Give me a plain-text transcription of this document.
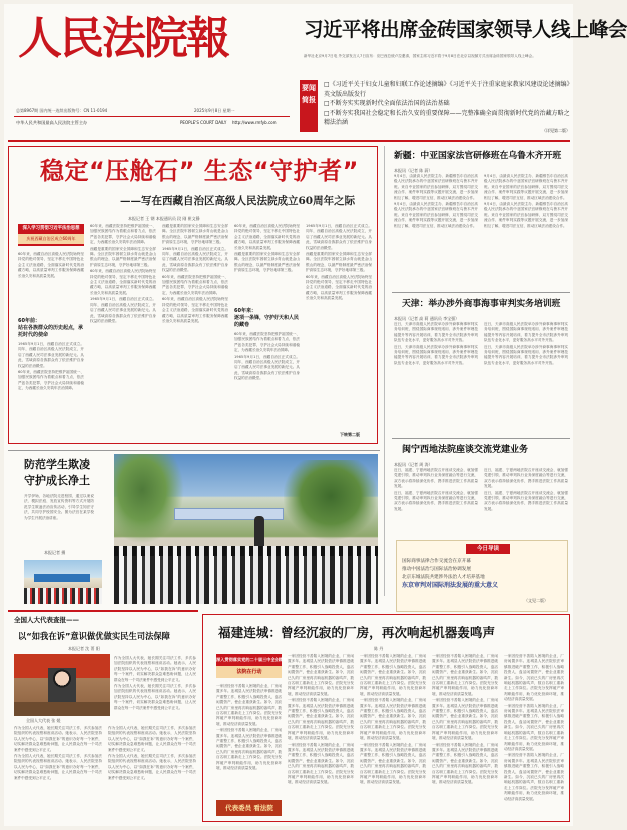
人民法院報
总第8967期 国内统一连续出版物号：CN 11-0194	2025年9月8日 星期一
中华人民共和国最高人民法院主管主办	PEOPLE'S COURT DAILY http://www.rmfyb.com
习近平将出席金砖国家领导人线上峰会
新华社北京9月7日电 外交部发言人7日宣布：应巴西总统卢拉邀请，国家主席习近平将于9月8日在北京以视频方式出席金砖国家领导人线上峰会。
要闻
简报
□《习近平关于妇女儿童和妇联工作论述摘编》《习近平关于注重家庭家教家风建设论述摘编》英文版出版发行
□不断夯实实现新时代全面依法治国的法治基础
□不断夯实我国社会稳定和长治久安的重要保障——完整准确全面贯彻新时代党的治藏方略之精法治涵
（详见第二版）
稳定“压舱石” 生态“守护者”
——写在西藏自治区高级人民法院成立60周年之际
本报记者 王 钢 本报通讯员 段 刚 崔文静
深入学习贯彻习近平法治思想
庆祝西藏自治区成立60周年

60年来，西藏自治区高级人民法院始终坚持党的绝对领导，坚定不移走中国特色社会主义法治道路，全面落实新时代党的治藏方略，以高质量审判工作服务保障西藏长治久安和高质量发展。

60年前：
站在各族群众的历史起点，承托时代的使命

1965年9月1日，西藏自治区正式成立。同年，西藏自治区高级人民法院成立，开启了西藏人民司法事业发展的新纪元。从此，雪域高原各族群众有了依法维护自身权益的法治殿堂。

60年来，西藏法院坚持把维护祖国统一、加强民族团结作为着眼点和着力点，依法严惩各类犯罪，守护社会大局持续和谐稳定，为西藏长治久安筑牢法治屏障。

60年来，西藏法院坚持把维护祖国统一、加强民族团结作为着眼点和着力点，依法严惩各类犯罪，守护社会大局持续和谐稳定，为西藏长治久安筑牢法治屏障。

西藏是重要的国家安全屏障和生态安全屏障。全区法院牢固树立绿水青山就是金山银山的理念，以最严格制度最严密法治保护高原生态环境，守护好地球第三极。

60年来，西藏自治区高级人民法院始终坚持党的绝对领导，坚定不移走中国特色社会主义法治道路，全面落实新时代党的治藏方略，以高质量审判工作服务保障西藏长治久安和高质量发展。

1965年9月1日，西藏自治区正式成立。同年，西藏自治区高级人民法院成立，开启了西藏人民司法事业发展的新纪元。从此，雪域高原各族群众有了依法维护自身权益的法治殿堂。

西藏是重要的国家安全屏障和生态安全屏障。全区法院牢固树立绿水青山就是金山银山的理念，以最严格制度最严密法治保护高原生态环境，守护好地球第三极。

1965年9月1日，西藏自治区正式成立。同年，西藏自治区高级人民法院成立，开启了西藏人民司法事业发展的新纪元。从此，雪域高原各族群众有了依法维护自身权益的法治殿堂。

60年来，西藏法院坚持把维护祖国统一、加强民族团结作为着眼点和着力点，依法严惩各类犯罪，守护社会大局持续和谐稳定，为西藏长治久安筑牢法治屏障。

60年来，西藏自治区高级人民法院始终坚持党的绝对领导，坚定不移走中国特色社会主义法治道路，全面落实新时代党的治藏方略，以高质量审判工作服务保障西藏长治久安和高质量发展。

60年来，西藏自治区高级人民法院始终坚持党的绝对领导，坚定不移走中国特色社会主义法治道路，全面落实新时代党的治藏方略，以高质量审判工作服务保障西藏长治久安和高质量发展。

西藏是重要的国家安全屏障和生态安全屏障。全区法院牢固树立绿水青山就是金山银山的理念，以最严格制度最严密法治保护高原生态环境，守护好地球第三极。

60年来：
逐项一条锋，守护好天和人民的藏卷

60年来，西藏法院坚持把维护祖国统一、加强民族团结作为着眼点和着力点，依法严惩各类犯罪，守护社会大局持续和谐稳定，为西藏长治久安筑牢法治屏障。

1965年9月1日，西藏自治区正式成立。同年，西藏自治区高级人民法院成立，开启了西藏人民司法事业发展的新纪元。从此，雪域高原各族群众有了依法维护自身权益的法治殿堂。

1965年9月1日，西藏自治区正式成立。同年，西藏自治区高级人民法院成立，开启了西藏人民司法事业发展的新纪元。从此，雪域高原各族群众有了依法维护自身权益的法治殿堂。

西藏是重要的国家安全屏障和生态安全屏障。全区法院牢固树立绿水青山就是金山银山的理念，以最严格制度最严密法治保护高原生态环境，守护好地球第三极。

60年来，西藏自治区高级人民法院始终坚持党的绝对领导，坚定不移走中国特色社会主义法治道路，全面落实新时代党的治藏方略，以高质量审判工作服务保障西藏长治久安和高质量发展。

下转第二版
新疆：中亚国家法官研修班在乌鲁木齐开班
本报讯（记者 陈 蔚）

9月4日，由最高人民法院主办、新疆维吾尔自治区高级人民法院承办的中亚国家法官研修班在乌鲁木齐开班。来自中亚国家的法官参加研修，双方围绕司法交流合作、案件审判实践等议题开展交流，进一步加深相互了解，增进司法互信，推动区域法治建设合作。

9月4日，由最高人民法院主办、新疆维吾尔自治区高级人民法院承办的中亚国家法官研修班在乌鲁木齐开班。来自中亚国家的法官参加研修，双方围绕司法交流合作、案件审判实践等议题开展交流，进一步加深相互了解，增进司法互信，推动区域法治建设合作。

9月4日，由最高人民法院主办、新疆维吾尔自治区高级人民法院承办的中亚国家法官研修班在乌鲁木齐开班。来自中亚国家的法官参加研修，双方围绕司法交流合作、案件审判实践等议题开展交流，进一步加深相互了解，增进司法互信，推动区域法治建设合作。

9月4日，由最高人民法院主办、新疆维吾尔自治区高级人民法院承办的中亚国家法官研修班在乌鲁木齐开班。来自中亚国家的法官参加研修，双方围绕司法交流合作、案件审判实践等议题开展交流，进一步加深相互了解，增进司法互信，推动区域法治建设合作。

天津：举办涉外商事海事审判实务培训班
本报讯（记者 高 莉 通讯员 李宝强）

近日，天津市高级人民法院举办涉外商事海事审判实务培训班，围绕国际商事规则适用、涉外案件审理技能提升等内容开展培训，着力提升全市法院涉外审判队伍专业化水平，更好服务高水平对外开放。

近日，天津市高级人民法院举办涉外商事海事审判实务培训班，围绕国际商事规则适用、涉外案件审理技能提升等内容开展培训，着力提升全市法院涉外审判队伍专业化水平，更好服务高水平对外开放。

近日，天津市高级人民法院举办涉外商事海事审判实务培训班，围绕国际商事规则适用、涉外案件审理技能提升等内容开展培训，着力提升全市法院涉外审判队伍专业化水平，更好服务高水平对外开放。

近日，天津市高级人民法院举办涉外商事海事审判实务培训班，围绕国际商事规则适用、涉外案件审理技能提升等内容开展培训，着力提升全市法院涉外审判队伍专业化水平，更好服务高水平对外开放。

闽宁西地法院座谈交流党建业务
本报讯（记者 周 涛）

近日，福建、宁夏两地法院召开座谈交流会，就加强党建引领、推动审判执行业务深度融合等进行交流，双方表示将持续深化协作，携手推进法院工作高质量发展。

近日，福建、宁夏两地法院召开座谈交流会，就加强党建引领、推动审判执行业务深度融合等进行交流，双方表示将持续深化协作，携手推进法院工作高质量发展。

近日，福建、宁夏两地法院召开座谈交流会，就加强党建引领、推动审判执行业务深度融合等进行交流，双方表示将持续深化协作，携手推进法院工作高质量发展。

近日，福建、宁夏两地法院召开座谈交流会，就加强党建引领、推动审判执行业务深度融合等进行交流，双方表示将持续深化协作，携手推进法院工作高质量发展。

今日导读
国际商事法律合作交流会在京开幕
推动中国法治与国际法治协调发展
北京东城法院共建涉外法治人才培养基地
东京审判对国际刑法发展的重大意义
（文见二版）
防范学生欺凌
守护成长净土

开学伊始，各地法院走进校园，通过以案说法、模拟法庭、发放宣传资料等方式开展防范学生欺凌法治宣传活动，引导学生知法守法，共同守护校园安全。图为法官在某学校为学生开展法治讲座。

本报记者 摄
全国人大代表查报——
以“如我在诉”意识做优做实民生司法保障
本报记者 沈 菁 阳
全国人大代表 张 媛

作为全国人大代表，她长期关注司法工作，多次参加法院组织的代表视察和座谈活动。她表示，人民法院坚持以人民为中心，以“如我在诉”的意识办好每一个案件，切实解决群众急难愁盼问题，让人民群众在每一个司法案件中感受到公平正义。

作为全国人大代表，她长期关注司法工作，多次参加法院组织的代表视察和座谈活动。她表示，人民法院坚持以人民为中心，以“如我在诉”的意识办好每一个案件，切实解决群众急难愁盼问题，让人民群众在每一个司法案件中感受到公平正义。

作为全国人大代表，她长期关注司法工作，多次参加法院组织的代表视察和座谈活动。她表示，人民法院坚持以人民为中心，以“如我在诉”的意识办好每一个案件，切实解决群众急难愁盼问题，让人民群众在每一个司法案件中感受到公平正义。

作为全国人大代表，她长期关注司法工作，多次参加法院组织的代表视察和座谈活动。她表示，人民法院坚持以人民为中心，以“如我在诉”的意识办好每一个案件，切实解决群众急难愁盼问题，让人民群众在每一个司法案件中感受到公平正义。

作为全国人大代表，她长期关注司法工作，多次参加法院组织的代表视察和座谈活动。她表示，人民法院坚持以人民为中心，以“如我在诉”的意识办好每一个案件，切实解决群众急难愁盼问题，让人民群众在每一个司法案件中感受到公平正义。

作为全国人大代表，她长期关注司法工作，多次参加法院组织的代表视察和座谈活动。她表示，人民法院坚持以人民为中心，以“如我在诉”的意识办好每一个案件，切实解决群众急难愁盼问题，让人民群众在每一个司法案件中感受到公平正义。

福建连城：曾经沉寂的厂房，再次响起机器轰鸣声
陈 丹
深入贯彻落实党的二十届三中全会精神
法院在行动

一家因经营不善陷入困境的企业，厂房闲置多年。连城县人民法院依法审慎推进破产重整工作，积极引入战略投资人，盘活闲置资产，使企业重获新生。如今，沉寂已久的厂房里再次响起机器的轰鸣声，数百名职工重新走上工作岗位。法院充分发挥破产审判职能作用，助力优化营商环境，推动经济高质量发展。

一家因经营不善陷入困境的企业，厂房闲置多年。连城县人民法院依法审慎推进破产重整工作，积极引入战略投资人，盘活闲置资产，使企业重获新生。如今，沉寂已久的厂房里再次响起机器的轰鸣声，数百名职工重新走上工作岗位。法院充分发挥破产审判职能作用，助力优化营商环境，推动经济高质量发展。

代表委员 看法院

一家因经营不善陷入困境的企业，厂房闲置多年。连城县人民法院依法审慎推进破产重整工作，积极引入战略投资人，盘活闲置资产，使企业重获新生。如今，沉寂已久的厂房里再次响起机器的轰鸣声，数百名职工重新走上工作岗位。法院充分发挥破产审判职能作用，助力优化营商环境，推动经济高质量发展。

一家因经营不善陷入困境的企业，厂房闲置多年。连城县人民法院依法审慎推进破产重整工作，积极引入战略投资人，盘活闲置资产，使企业重获新生。如今，沉寂已久的厂房里再次响起机器的轰鸣声，数百名职工重新走上工作岗位。法院充分发挥破产审判职能作用，助力优化营商环境，推动经济高质量发展。

一家因经营不善陷入困境的企业，厂房闲置多年。连城县人民法院依法审慎推进破产重整工作，积极引入战略投资人，盘活闲置资产，使企业重获新生。如今，沉寂已久的厂房里再次响起机器的轰鸣声，数百名职工重新走上工作岗位。法院充分发挥破产审判职能作用，助力优化营商环境，推动经济高质量发展。

一家因经营不善陷入困境的企业，厂房闲置多年。连城县人民法院依法审慎推进破产重整工作，积极引入战略投资人，盘活闲置资产，使企业重获新生。如今，沉寂已久的厂房里再次响起机器的轰鸣声，数百名职工重新走上工作岗位。法院充分发挥破产审判职能作用，助力优化营商环境，推动经济高质量发展。

一家因经营不善陷入困境的企业，厂房闲置多年。连城县人民法院依法审慎推进破产重整工作，积极引入战略投资人，盘活闲置资产，使企业重获新生。如今，沉寂已久的厂房里再次响起机器的轰鸣声，数百名职工重新走上工作岗位。法院充分发挥破产审判职能作用，助力优化营商环境，推动经济高质量发展。

一家因经营不善陷入困境的企业，厂房闲置多年。连城县人民法院依法审慎推进破产重整工作，积极引入战略投资人，盘活闲置资产，使企业重获新生。如今，沉寂已久的厂房里再次响起机器的轰鸣声，数百名职工重新走上工作岗位。法院充分发挥破产审判职能作用，助力优化营商环境，推动经济高质量发展。

一家因经营不善陷入困境的企业，厂房闲置多年。连城县人民法院依法审慎推进破产重整工作，积极引入战略投资人，盘活闲置资产，使企业重获新生。如今，沉寂已久的厂房里再次响起机器的轰鸣声，数百名职工重新走上工作岗位。法院充分发挥破产审判职能作用，助力优化营商环境，推动经济高质量发展。

一家因经营不善陷入困境的企业，厂房闲置多年。连城县人民法院依法审慎推进破产重整工作，积极引入战略投资人，盘活闲置资产，使企业重获新生。如今，沉寂已久的厂房里再次响起机器的轰鸣声，数百名职工重新走上工作岗位。法院充分发挥破产审判职能作用，助力优化营商环境，推动经济高质量发展。

一家因经营不善陷入困境的企业，厂房闲置多年。连城县人民法院依法审慎推进破产重整工作，积极引入战略投资人，盘活闲置资产，使企业重获新生。如今，沉寂已久的厂房里再次响起机器的轰鸣声，数百名职工重新走上工作岗位。法院充分发挥破产审判职能作用，助力优化营商环境，推动经济高质量发展。

一家因经营不善陷入困境的企业，厂房闲置多年。连城县人民法院依法审慎推进破产重整工作，积极引入战略投资人，盘活闲置资产，使企业重获新生。如今，沉寂已久的厂房里再次响起机器的轰鸣声，数百名职工重新走上工作岗位。法院充分发挥破产审判职能作用，助力优化营商环境，推动经济高质量发展。

一家因经营不善陷入困境的企业，厂房闲置多年。连城县人民法院依法审慎推进破产重整工作，积极引入战略投资人，盘活闲置资产，使企业重获新生。如今，沉寂已久的厂房里再次响起机器的轰鸣声，数百名职工重新走上工作岗位。法院充分发挥破产审判职能作用，助力优化营商环境，推动经济高质量发展。

一家因经营不善陷入困境的企业，厂房闲置多年。连城县人民法院依法审慎推进破产重整工作，积极引入战略投资人，盘活闲置资产，使企业重获新生。如今，沉寂已久的厂房里再次响起机器的轰鸣声，数百名职工重新走上工作岗位。法院充分发挥破产审判职能作用，助力优化营商环境，推动经济高质量发展。
